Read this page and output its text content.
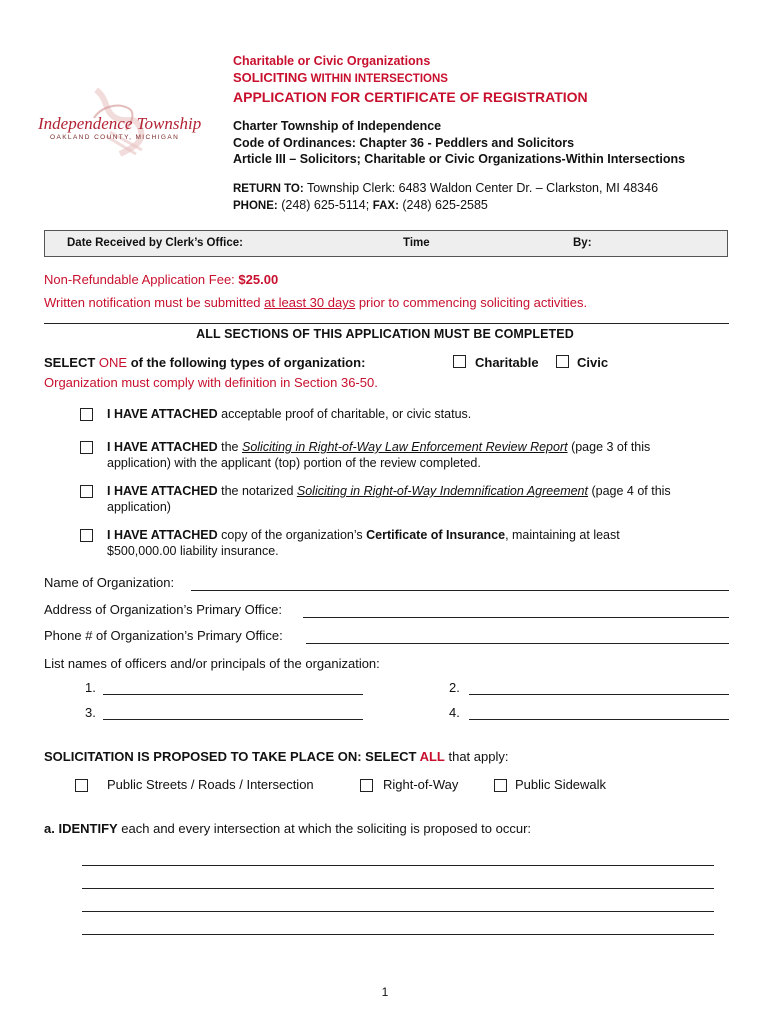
Independence Township
OAKLAND COUNTY, MICHIGAN
Charitable or Civic Organizations
SOLICITING WITHIN INTERSECTIONS
APPLICATION FOR CERTIFICATE OF REGISTRATION
Charter Township of Independence
Code of Ordinances: Chapter 36 - Peddlers and Solicitors
Article III – Solicitors; Charitable or Civic Organizations-Within Intersections
RETURN TO: Township Clerk: 6483 Waldon Center Dr. – Clarkston, MI 48346
PHONE: (248) 625-5114; FAX: (248) 625-2585
Date Received by Clerk’s Office:	Time	By:
Non-Refundable Application Fee: $25.00
Written notification must be submitted at least 30 days prior to commencing soliciting activities.
ALL SECTIONS OF THIS APPLICATION MUST BE COMPLETED
SELECT ONE of the following types of organization:
Organization must comply with definition in Section 36-50.
Charitable	Civic
I HAVE ATTACHED acceptable proof of charitable, or civic status.
I HAVE ATTACHED the Soliciting in Right-of-Way Law Enforcement Review Report (page 3 of this
application) with the applicant (top) portion of the review completed.
I HAVE ATTACHED the notarized Soliciting in Right-of-Way Indemnification Agreement (page 4 of this
application)
I HAVE ATTACHED copy of the organization’s Certificate of Insurance, maintaining at least
$500,000.00 liability insurance.
Name of Organization:
Address of Organization’s Primary Office:
Phone # of Organization’s Primary Office:
List names of officers and/or principals of the organization:
1.	2.
3.	4.
SOLICITATION IS PROPOSED TO TAKE PLACE ON: SELECT ALL that apply:
Public Streets / Roads / Intersection	Right-of-Way	Public Sidewalk
a. IDENTIFY each and every intersection at which the soliciting is proposed to occur:
1
